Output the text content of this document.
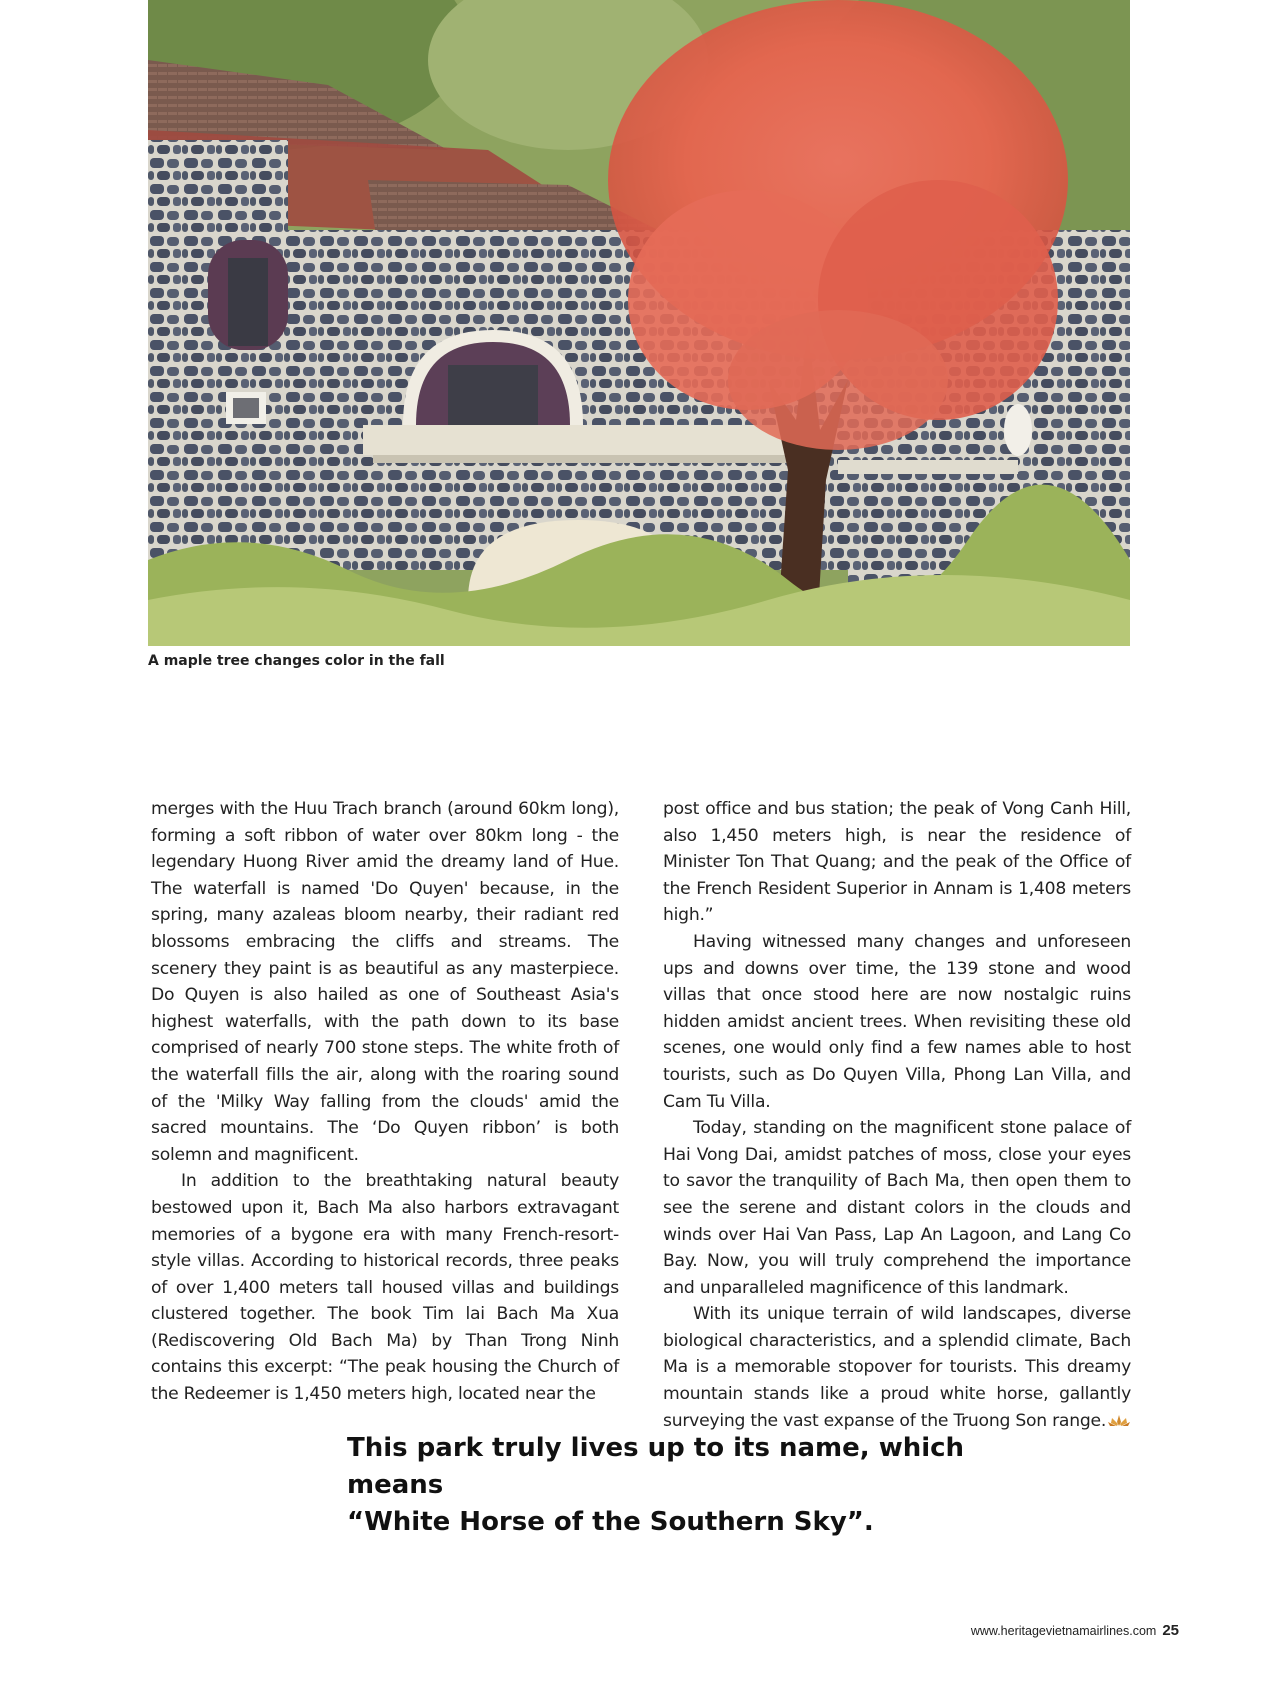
A maple tree changes color in the fall

merges with the Huu Trach branch (around 60km long), forming a soft ribbon of water over 80km long - the legendary Huong River amid the dreamy land of Hue. The waterfall is named 'Do Quyen' because, in the spring, many azaleas bloom nearby, their radiant red blossoms embracing the cliffs and streams. The scenery they paint is as beautiful as any masterpiece. Do Quyen is also hailed as one of Southeast Asia's highest waterfalls, with the path down to its base comprised of nearly 700 stone steps. The white froth of the waterfall fills the air, along with the roaring sound of the 'Milky Way falling from the clouds' amid the sacred mountains. The ‘Do Quyen ribbon’ is both solemn and magnificent.

In addition to the breathtaking natural beauty bestowed upon it, Bach Ma also harbors extravagant memories of a bygone era with many French-resort-style villas. According to historical records, three peaks of over 1,400 meters tall housed villas and buildings clustered together. The book Tim lai Bach Ma Xua (Rediscovering Old Bach Ma) by Than Trong Ninh contains this excerpt: “The peak housing the Church of the Redeemer is 1,450 meters high, located near the

post office and bus station; the peak of Vong Canh Hill, also 1,450 meters high, is near the residence of Minister Ton That Quang; and the peak of the Office of the French Resident Superior in Annam is 1,408 meters high.”

Having witnessed many changes and unforeseen ups and downs over time, the 139 stone and wood villas that once stood here are now nostalgic ruins hidden amidst ancient trees. When revisiting these old scenes, one would only find a few names able to host tourists, such as Do Quyen Villa, Phong Lan Villa, and Cam Tu Villa.

Today, standing on the magnificent stone palace of Hai Vong Dai, amidst patches of moss, close your eyes to savor the tranquility of Bach Ma, then open them to see the serene and distant colors in the clouds and winds over Hai Van Pass, Lap An Lagoon, and Lang Co Bay. Now, you will truly comprehend the importance and unparalleled magnificence of this landmark.

With its unique terrain of wild landscapes, diverse biological characteristics, and a splendid climate, Bach Ma is a memorable stopover for tourists. This dreamy mountain stands like a proud white horse, gallantly surveying the vast expanse of the Truong Son range.

This park truly lives up to its name, which means

“White Horse of the Southern Sky”.

www.heritagevietnamairlines.com 25
